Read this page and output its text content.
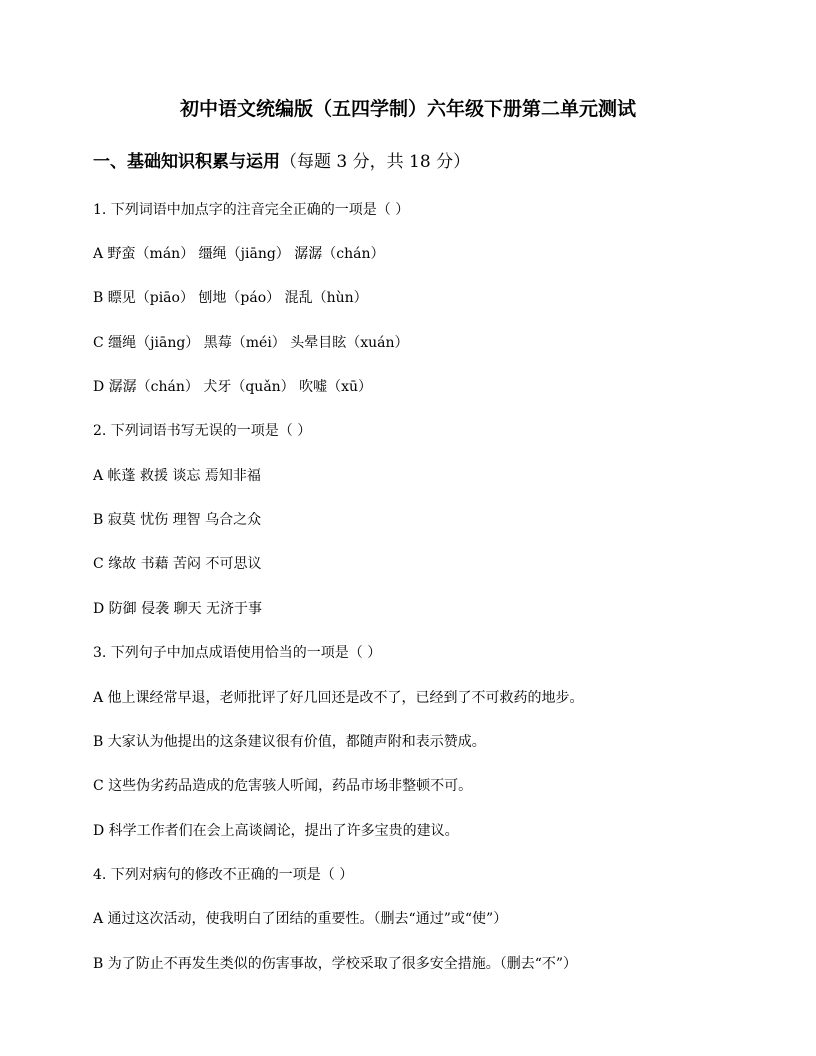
初中语文统编版（五四学制）六年级下册第二单元测试
一、基础知识积累与运用（每题 3 分，共 18 分）
1. 下列词语中加点字的注音完全正确的一项是（ ）
A 野蛮（mán） 缰绳（jiāng） 潺潺（chán）
B 瞟见（piāo） 刨地（páo） 混乱（hùn）
C 缰绳（jiāng） 黑莓（méi） 头晕目眩（xuán）
D 潺潺（chán） 犬牙（quǎn） 吹嘘（xū）
2. 下列词语书写无误的一项是（ ）
A 帐蓬 救援 谈忘 焉知非福
B 寂莫 忧伤 理智 乌合之众
C 缘故 书藉 苦闷 不可思议
D 防御 侵袭 聊天 无济于事
3. 下列句子中加点成语使用恰当的一项是（ ）
A 他上课经常早退，老师批评了好几回还是改不了，已经到了不可救药的地步。
B 大家认为他提出的这条建议很有价值，都随声附和表示赞成。
C 这些伪劣药品造成的危害骇人听闻，药品市场非整顿不可。
D 科学工作者们在会上高谈阔论，提出了许多宝贵的建议。
4. 下列对病句的修改不正确的一项是（ ）
A 通过这次活动，使我明白了团结的重要性。（删去“通过”或“使”）
B 为了防止不再发生类似的伤害事故，学校采取了很多安全措施。（删去“不”）
